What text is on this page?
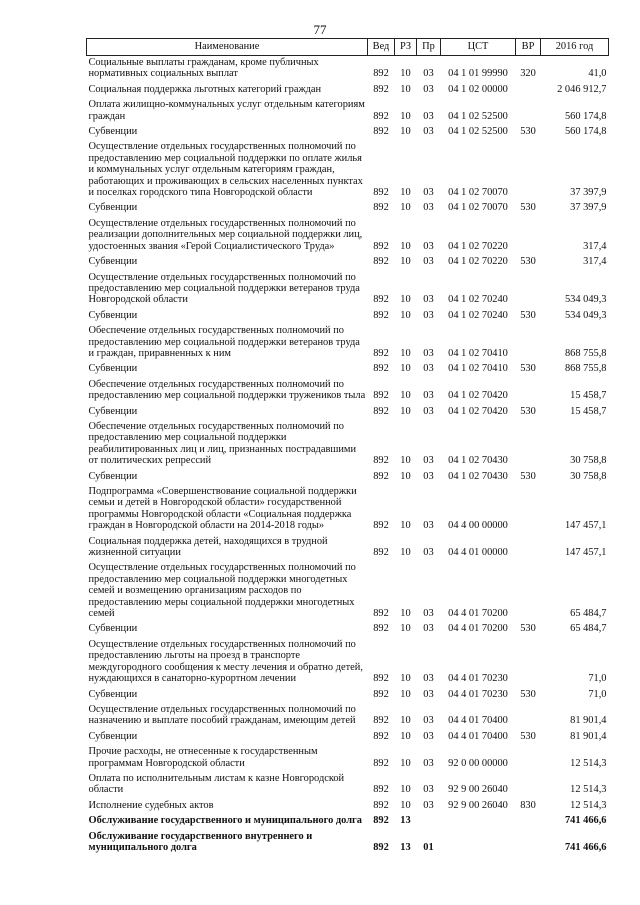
77
Наименование	Вед	РЗ	Пр	ЦСТ	ВР	2016 год
Социальные выплаты гражданам, кроме публичных нормативных социальных выплат	892	10	03	04 1 01 99990	320	41,0
Социальная поддержка льготных категорий граждан	892	10	03	04 1 02 00000		2 046 912,7
Оплата жилищно-коммунальных услуг отдельным категориям граждан	892	10	03	04 1 02 52500		560 174,8
Субвенции	892	10	03	04 1 02 52500	530	560 174,8
Осуществление отдельных государственных полномочий по предоставлению мер социальной поддержки по оплате жилья и коммунальных услуг отдельным категориям граждан, работающих и проживающих в сельских населенных пунктах и поселках городского типа Новгородской области	892	10	03	04 1 02 70070		37 397,9
Субвенции	892	10	03	04 1 02 70070	530	37 397,9
Осуществление отдельных государственных полномочий по реализации дополнительных мер социальной поддержки лиц, удостоенных звания «Герой Социалистического Труда»	892	10	03	04 1 02 70220		317,4
Субвенции	892	10	03	04 1 02 70220	530	317,4
Осуществление отдельных государственных полномочий по предоставлению мер социальной поддержки ветеранов труда Новгородской области	892	10	03	04 1 02 70240		534 049,3
Субвенции	892	10	03	04 1 02 70240	530	534 049,3
Обеспечение отдельных государственных полномочий по предоставлению мер социальной поддержки ветеранов труда и граждан, приравненных к ним	892	10	03	04 1 02 70410		868 755,8
Субвенции	892	10	03	04 1 02 70410	530	868 755,8
Обеспечение отдельных государственных полномочий по предоставлению мер социальной поддержки тружеников тыла	892	10	03	04 1 02 70420		15 458,7
Субвенции	892	10	03	04 1 02 70420	530	15 458,7
Обеспечение отдельных государственных полномочий по предоставлению мер социальной поддержки реабилитированных лиц и лиц, признанных пострадавшими от политических репрессий	892	10	03	04 1 02 70430		30 758,8
Субвенции	892	10	03	04 1 02 70430	530	30 758,8
Подпрограмма «Совершенствование социальной поддержки семьи и детей в Новгородской области» государственной программы Новгородской области «Социальная поддержка граждан в Новгородской области на 2014-2018 годы»	892	10	03	04 4 00 00000		147 457,1
Социальная поддержка детей, находящихся в трудной жизненной ситуации	892	10	03	04 4 01 00000		147 457,1
Осуществление отдельных государственных полномочий по предоставлению мер социальной поддержки многодетных семей и возмещению организациям расходов по предоставлению меры социальной поддержки многодетных семей	892	10	03	04 4 01 70200		65 484,7
Субвенции	892	10	03	04 4 01 70200	530	65 484,7
Осуществление отдельных государственных полномочий по предоставлению льготы на проезд в транспорте междугородного сообщения к месту лечения и обратно детей, нуждающихся в санаторно-курортном лечении	892	10	03	04 4 01 70230		71,0
Субвенции	892	10	03	04 4 01 70230	530	71,0
Осуществление отдельных государственных полномочий по назначению и выплате пособий гражданам, имеющим детей	892	10	03	04 4 01 70400		81 901,4
Субвенции	892	10	03	04 4 01 70400	530	81 901,4
Прочие расходы, не отнесенные к государственным программам Новгородской области	892	10	03	92 0 00 00000		12 514,3
Оплата по исполнительным листам к казне Новгородской области	892	10	03	92 9 00 26040		12 514,3
Исполнение судебных актов	892	10	03	92 9 00 26040	830	12 514,3
Обслуживание государственного и муниципального долга	892	13				741 466,6
Обслуживание государственного внутреннего и муниципального долга	892	13	01			741 466,6
